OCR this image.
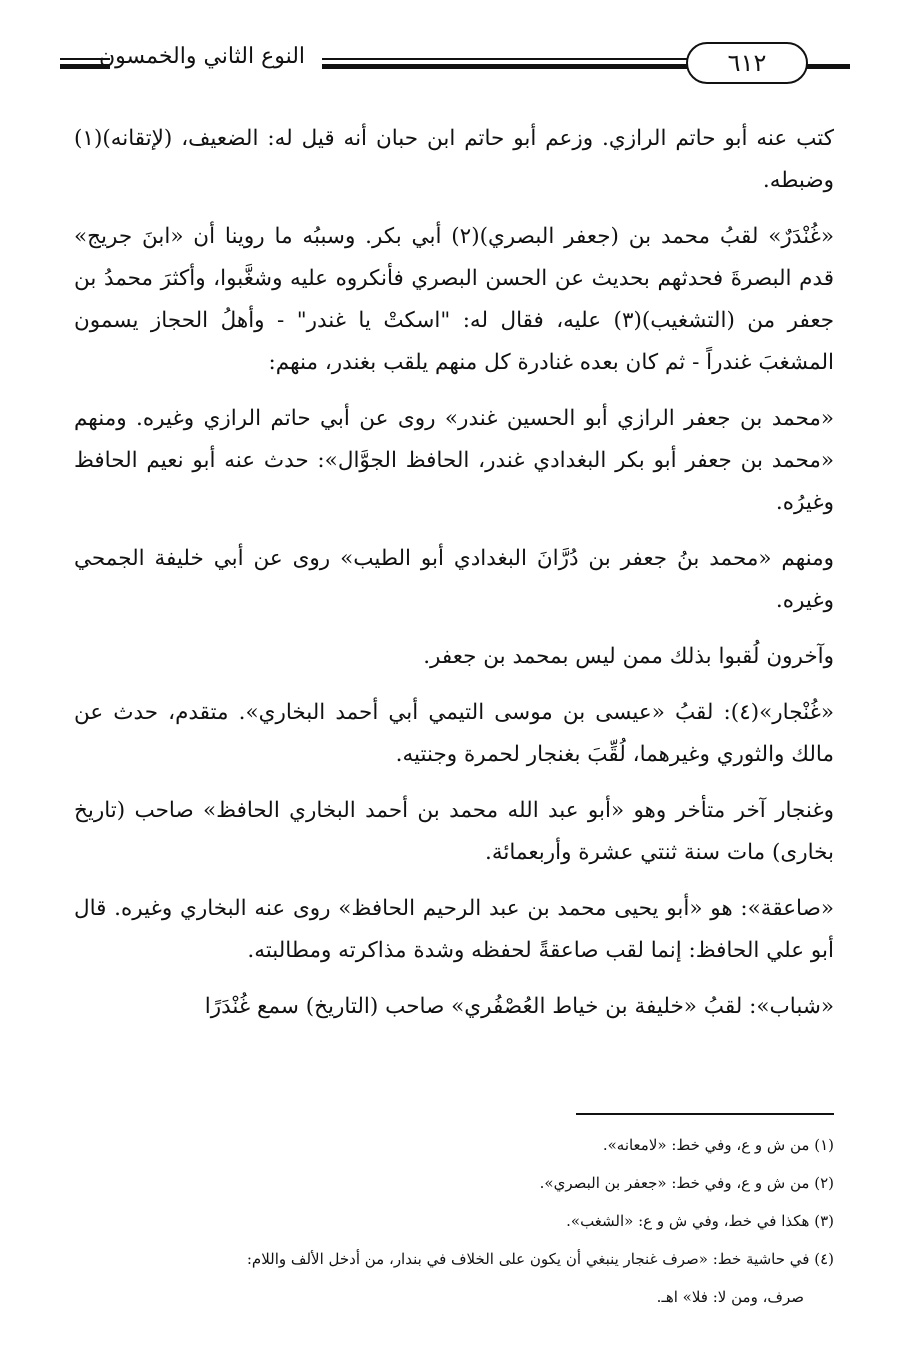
النوع الثاني والخمسون	٦١٢

كتب عنه أبو حاتم الرازي. وزعم أبو حاتم ابن حبان أنه قيل له: الضعيف، (لإتقانه)(١) وضبطه.

«غُنْدَرٌ» لقبُ محمد بن (جعفر البصري)(٢) أبي بكر. وسببُه ما روينا أن «ابنَ جريج» قدم البصرةَ فحدثهم بحديث عن الحسن البصري فأنكروه عليه وشغَّبوا، وأكثرَ محمدُ بن جعفر من (التشغيب)(٣) عليه، فقال له: "اسكتْ يا غندر" - وأهلُ الحجاز يسمون المشغبَ غندراً - ثم كان بعده غنادرة كل منهم يلقب بغندر، منهم:

«محمد بن جعفر الرازي أبو الحسين غندر» روى عن أبي حاتم الرازي وغيره. ومنهم «محمد بن جعفر أبو بكر البغدادي غندر، الحافظ الجوَّال»: حدث عنه أبو نعيم الحافظ وغيرُه.

ومنهم «محمد بنُ جعفر بن دُرَّانَ البغدادي أبو الطيب» روى عن أبي خليفة الجمحي وغيره.

وآخرون لُقبوا بذلك ممن ليس بمحمد بن جعفر.

«غُنْجار»(٤): لقبُ «عيسى بن موسى التيمي أبي أحمد البخاري». متقدم، حدث عن مالك والثوري وغيرهما، لُقِّبَ بغنجار لحمرة وجنتيه.

وغنجار آخر متأخر وهو «أبو عبد الله محمد بن أحمد البخاري الحافظ» صاحب (تاريخ بخارى) مات سنة ثنتي عشرة وأربعمائة.

«صاعقة»: هو «أبو يحيى محمد بن عبد الرحيم الحافظ» روى عنه البخاري وغيره. قال أبو علي الحافظ: إنما لقب صاعقةً لحفظه وشدة مذاكرته ومطالبته.

«شباب»: لقبُ «خليفة بن خياط العُصْفُري» صاحب (التاريخ) سمع غُنْدَرًا

(١) من ش و ع، وفي خط: «لامعانه».

(٢) من ش و ع، وفي خط: «جعفر بن البصري».

(٣) هكذا في خط، وفي ش و ع: «الشغب».

(٤) في حاشية خط: «صرف غنجار ينبغي أن يكون على الخلاف في بندار، من أدخل الألف واللام:

صرف، ومن لا: فلا» اهـ.
